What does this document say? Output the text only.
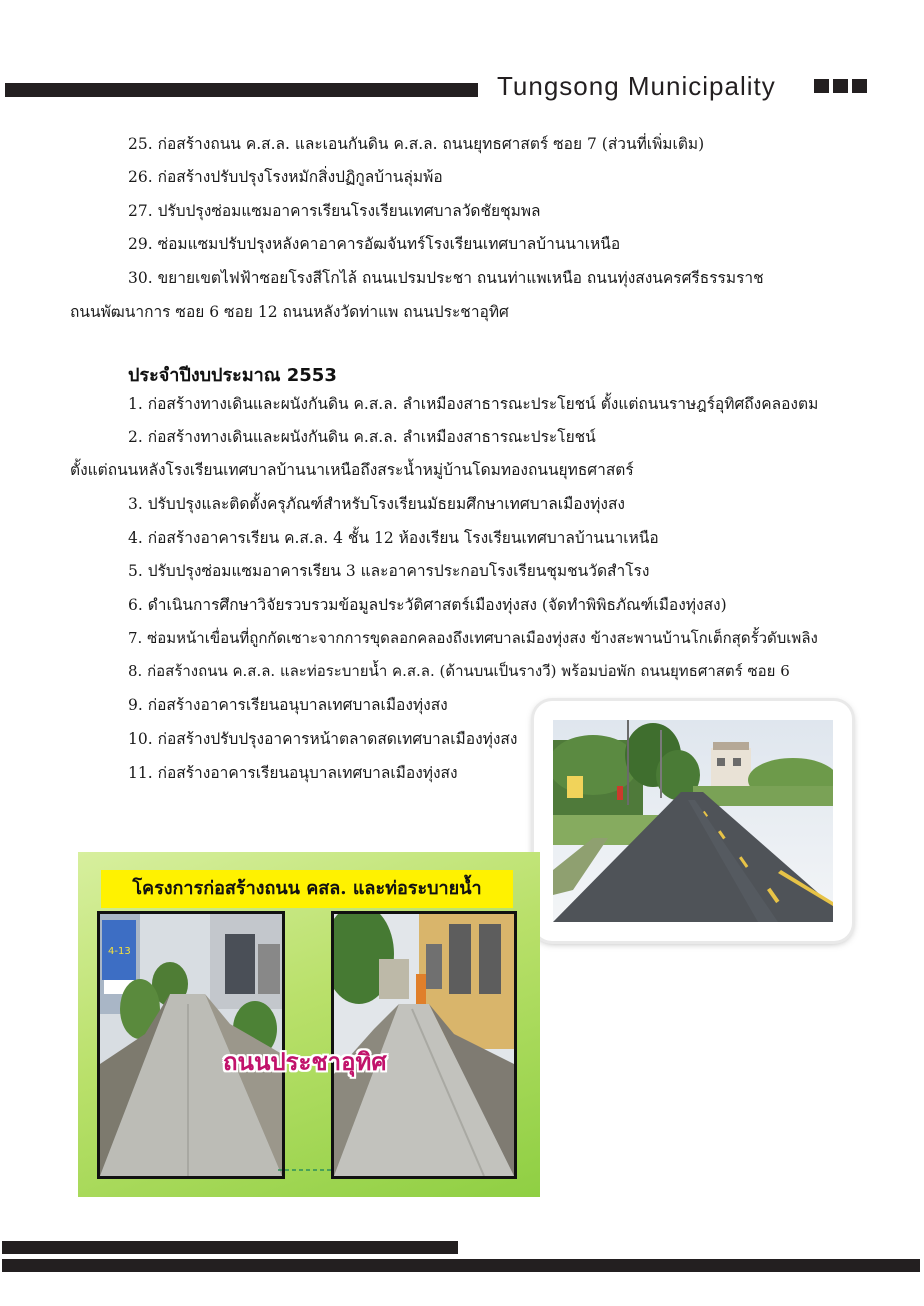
Tungsong Municipality
25. ก่อสร้างถนน ค.ส.ล. และเอนกันดิน ค.ส.ล. ถนนยุทธศาสตร์ ซอย 7 (ส่วนที่เพิ่มเติม)
26. ก่อสร้างปรับปรุงโรงหมักสิ่งปฏิกูลบ้านลุ่มพ้อ
27. ปรับปรุงซ่อมแซมอาคารเรียนโรงเรียนเทศบาลวัดชัยชุมพล
29. ซ่อมแซมปรับปรุงหลังคาอาคารอัฒจันทร์โรงเรียนเทศบาลบ้านนาเหนือ
30. ขยายเขตไฟฟ้าซอยโรงสีโกไล้ ถนนเปรมประชา ถนนท่าแพเหนือ ถนนทุ่งสงนครศรีธรรมราช
ถนนพัฒนาการ ซอย 6 ซอย 12 ถนนหลังวัดท่าแพ ถนนประชาอุทิศ
ประจำปีงบประมาณ 2553
1. ก่อสร้างทางเดินและผนังกันดิน ค.ส.ล. ลำเหมืองสาธารณะประโยชน์ ตั้งแต่ถนนราษฎร์อุทิศถึงคลองตม
2. ก่อสร้างทางเดินและผนังกันดิน ค.ส.ล. ลำเหมืองสาธารณะประโยชน์
ตั้งแต่ถนนหลังโรงเรียนเทศบาลบ้านนาเหนือถึงสระน้ำหมู่บ้านโดมทองถนนยุทธศาสตร์
3. ปรับปรุงและติดตั้งครุภัณฑ์สำหรับโรงเรียนมัธยมศึกษาเทศบาลเมืองทุ่งสง
4. ก่อสร้างอาคารเรียน ค.ส.ล. 4 ชั้น 12 ห้องเรียน โรงเรียนเทศบาลบ้านนาเหนือ
5. ปรับปรุงซ่อมแซมอาคารเรียน 3 และอาคารประกอบโรงเรียนชุมชนวัดสำโรง
6. ดำเนินการศึกษาวิจัยรวบรวมข้อมูลประวัติศาสตร์เมืองทุ่งสง (จัดทำพิพิธภัณฑ์เมืองทุ่งสง)
7. ซ่อมหน้าเขื่อนที่ถูกกัดเซาะจากการขุดลอกคลองถึงเทศบาลเมืองทุ่งสง ข้างสะพานบ้านโกเต็กสุดรั้วดับเพลิง
8. ก่อสร้างถนน ค.ส.ล. และท่อระบายน้ำ ค.ส.ล. (ด้านบนเป็นรางวี) พร้อมบ่อพัก ถนนยุทธศาสตร์ ซอย 6
9. ก่อสร้างอาคารเรียนอนุบาลเทศบาลเมืองทุ่งสง
10. ก่อสร้างปรับปรุงอาคารหน้าตลาดสดเทศบาลเมืองทุ่งสง
11. ก่อสร้างอาคารเรียนอนุบาลเทศบาลเมืองทุ่งสง
โครงการก่อสร้างถนน คสล. และท่อระบายน้ำ
4-13
ถนนประชาอุทิศ
